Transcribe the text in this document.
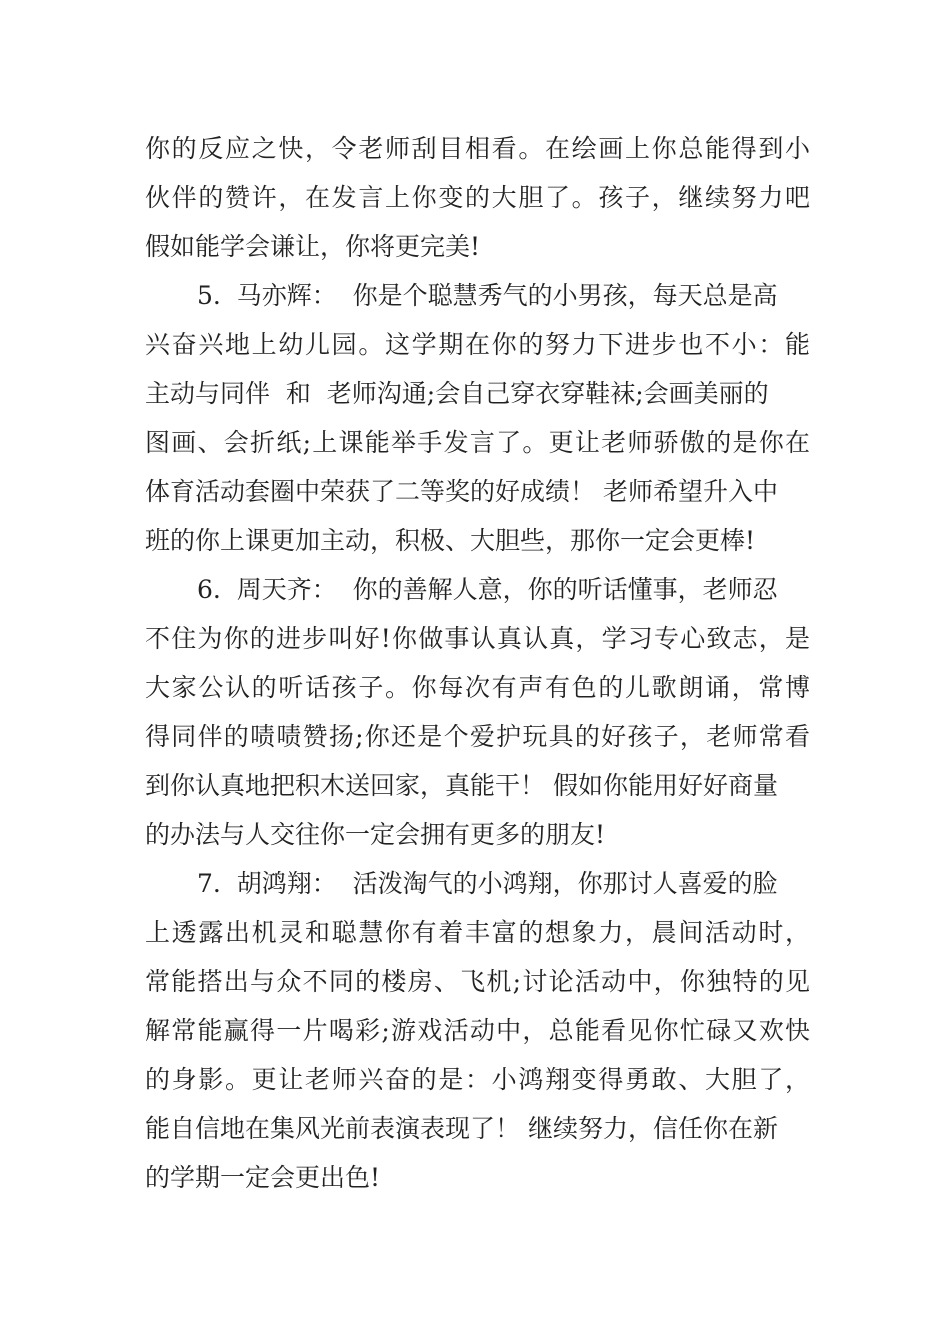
你的反应之快，令老师刮目相看。在绘画上你总能得到小
伙伴的赞许，在发言上你变的大胆了。孩子，继续努力吧
假如能学会谦让，你将更完美!
5.  马亦辉：  你是个聪慧秀气的小男孩，每天总是高
兴奋兴地上幼儿园。这学期在你的努力下进步也不小：能
主动与同伴  和  老师沟通;会自己穿衣穿鞋袜;会画美丽的
图画、会折纸;上课能举手发言了。更让老师骄傲的是你在
体育活动套圈中荣获了二等奖的好成绩！ 老师希望升入中
班的你上课更加主动，积极、大胆些，那你一定会更棒!
6.  周天齐：  你的善解人意，你的听话懂事，老师忍
不住为你的进步叫好!你做事认真认真，学习专心致志，是
大家公认的听话孩子。你每次有声有色的儿歌朗诵，常博
得同伴的啧啧赞扬;你还是个爱护玩具的好孩子，老师常看
到你认真地把积木送回家，真能干！ 假如你能用好好商量
的办法与人交往你一定会拥有更多的朋友!
7.  胡鸿翔：  活泼淘气的小鸿翔，你那讨人喜爱的脸
上透露出机灵和聪慧你有着丰富的想象力，晨间活动时，
常能搭出与众不同的楼房、飞机;讨论活动中，你独特的见
解常能赢得一片喝彩;游戏活动中，总能看见你忙碌又欢快
的身影。更让老师兴奋的是：小鸿翔变得勇敢、大胆了，
能自信地在集风光前表演表现了！ 继续努力，信任你在新
的学期一定会更出色!
